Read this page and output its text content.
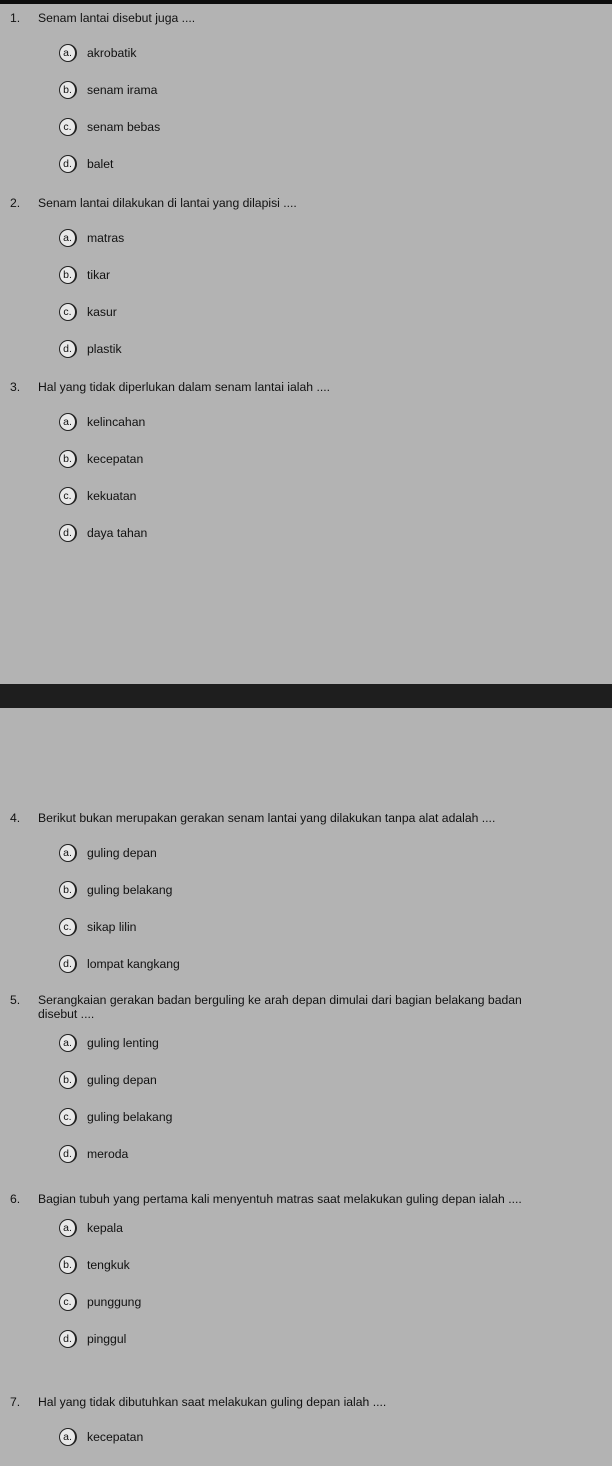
1. Senam lantai disebut juga ....
a.	akrobatik
b.	senam irama
c.	senam bebas
d.	balet
2. Senam lantai dilakukan di lantai yang dilapisi ....
a.	matras
b.	tikar
c.	kasur
d.	plastik
3. Hal yang tidak diperlukan dalam senam lantai ialah ....
a.	kelincahan
b.	kecepatan
c.	kekuatan
d.	daya tahan
4. Berikut bukan merupakan gerakan senam lantai yang dilakukan tanpa alat adalah ....
a.	guling depan
b.	guling belakang
c.	sikap lilin
d.	lompat kangkang
5. Serangkaian gerakan badan berguling ke arah depan dimulai dari bagian belakang badan disebut ....
a.	guling lenting
b.	guling depan
c.	guling belakang
d.	meroda
6. Bagian tubuh yang pertama kali menyentuh matras saat melakukan guling depan ialah ....
a.	kepala
b.	tengkuk
c.	punggung
d.	pinggul
7. Hal yang tidak dibutuhkan saat melakukan guling depan ialah ....
a.	kecepatan
